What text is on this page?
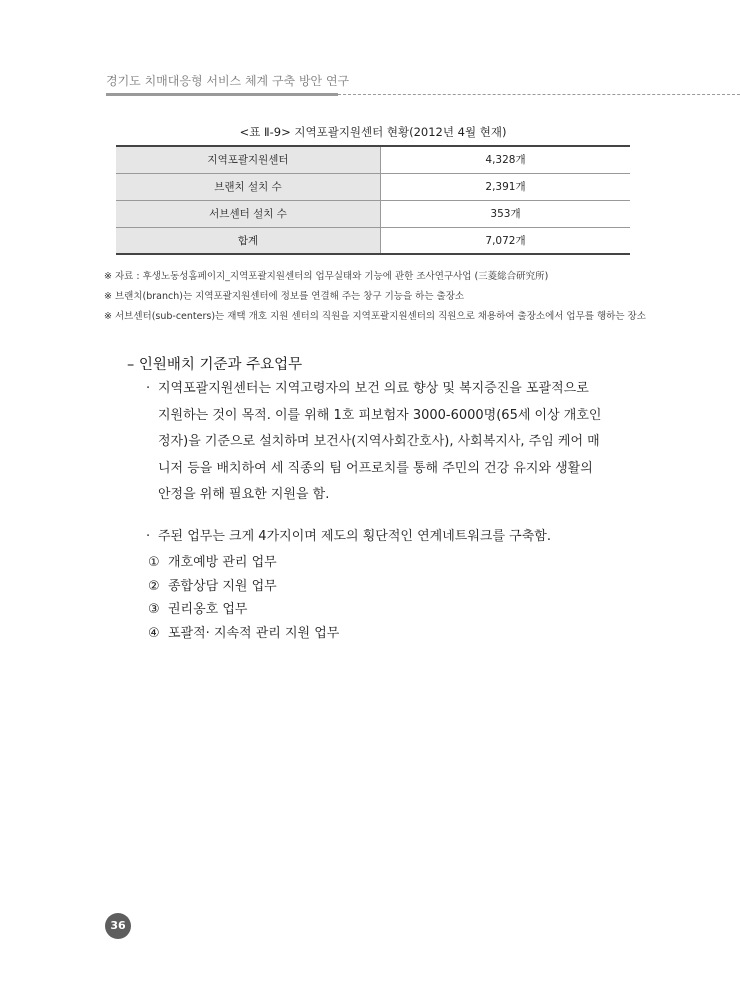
경기도 치매대응형 서비스 체계 구축 방안 연구
<표 Ⅱ-9> 지역포괄지원센터 현황(2012년 4월 현재)
지역포괄지원센터	4,328개
브랜치 설치 수	2,391개
서브센터 설치 수	353개
합계	7,072개
※ 자료 : 후생노동성홈페이지_지역포괄지원센터의 업무실태와 기능에 관한 조사연구사업 (三菱総合研究所)
※ 브랜치(branch)는 지역포괄지원센터에 정보를 연결해 주는 창구 기능을 하는 출장소
※ 서브센터(sub-centers)는 재택 개호 지원 센터의 직원을 지역포괄지원센터의 직원으로 채용하여 출장소에서 업무를 행하는 장소
– 인원배치 기준과 주요업무
· 지역포괄지원센터는 지역고령자의 보건 의료 향상 및 복지증진을 포괄적으로
지원하는 것이 목적. 이를 위해 1호 피보험자 3000-6000명(65세 이상 개호인
정자)을 기준으로 설치하며 보건사(지역사회간호사), 사회복지사, 주임 케어 매
니저 등을 배치하여 세 직종의 팀 어프로치를 통해 주민의 건강 유지와 생활의
안정을 위해 필요한 지원을 함.
· 주된 업무는 크게 4가지이며 제도의 횡단적인 연계네트워크를 구축함.
① 개호예방 관리 업무
② 종합상담 지원 업무
③ 권리옹호 업무
④ 포괄적· 지속적 관리 지원 업무
36
